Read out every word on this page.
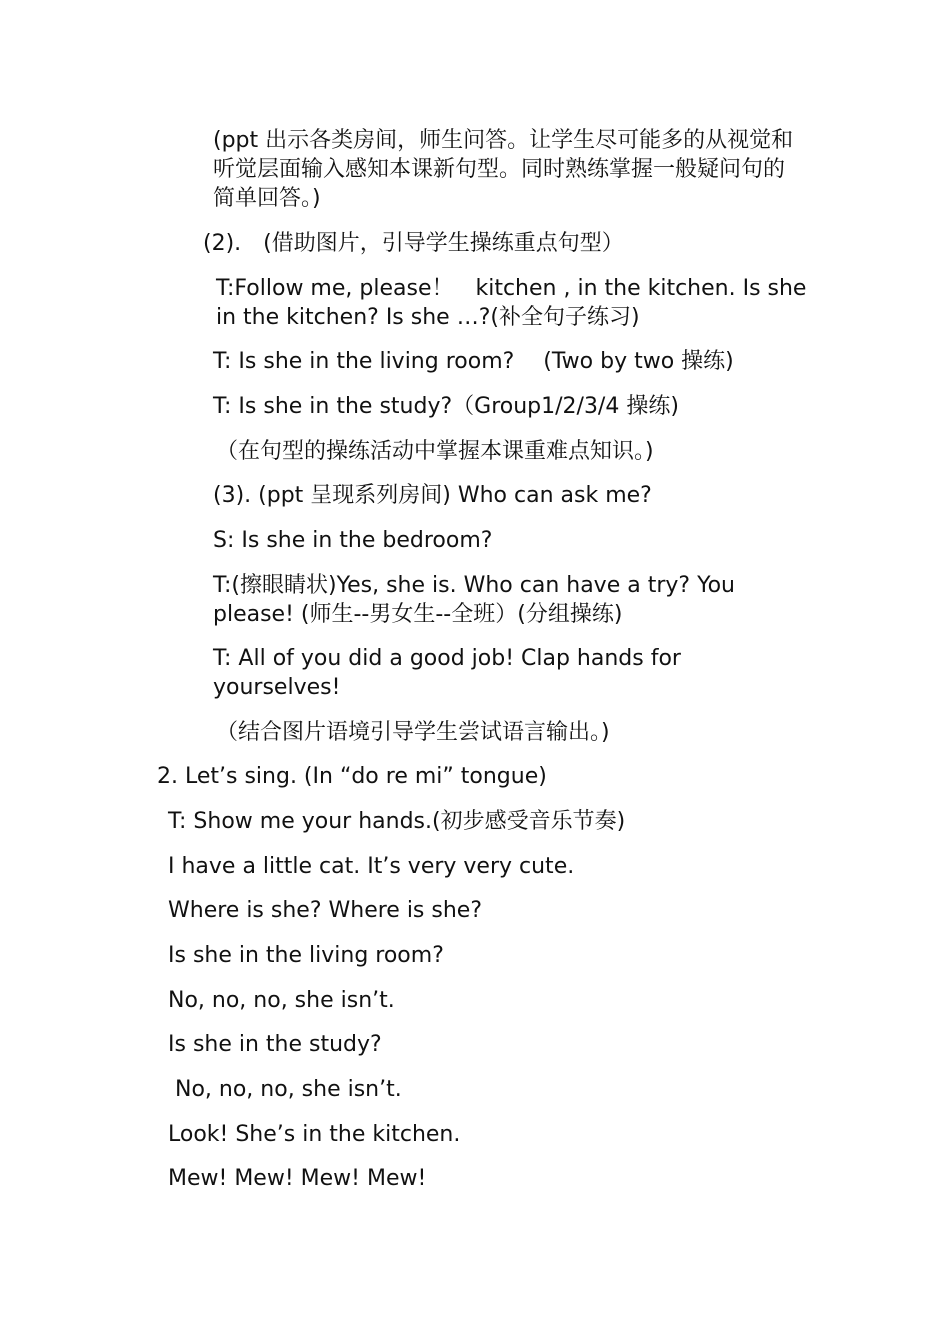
(ppt 出示各类房间，师生问答。让学生尽可能多的从视觉和听觉层面输入感知本课新句型。同时熟练掌握一般疑问句的简单回答。)
(2).　(借助图片，引导学生操练重点句型）
T:Follow me, please！　kitchen , in the kitchen. Is she in the kitchen? Is she …?(补全句子练习)
T: Is she in the living room?　 (Two by two 操练)
T: Is she in the study?（Group1/2/3/4 操练)
（在句型的操练活动中掌握本课重难点知识。)
(3). (ppt 呈现系列房间) Who can ask me?
S: Is she in the bedroom?
T:(擦眼睛状)Yes, she is. Who can have a try? You please! (师生--男女生--全班）(分组操练)
T: All of you did a good job! Clap hands for yourselves!
（结合图片语境引导学生尝试语言输出。)
2. Let’s sing. (In “do re mi” tongue)
T: Show me your hands.(初步感受音乐节奏)
I have a little cat. It’s very very cute.
Where is she? Where is she?
Is she in the living room?
No, no, no, she isn’t.
Is she in the study?
No, no, no, she isn’t.
Look! She’s in the kitchen.
Mew! Mew! Mew! Mew!
